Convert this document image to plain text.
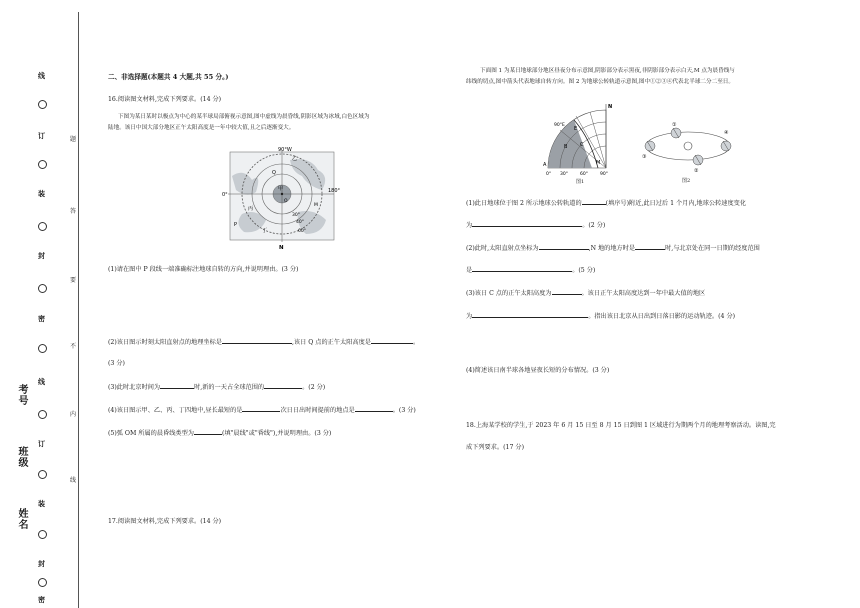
线
订
装
封
密
线
订
装
封
密
题
答
要
不
内
线
考号
班级
姓名
二、非选择题(本题共 4 大题,共 55 分。)
16.阅读图文材料,完成下列要求。(14 分)
下图为某日某时以极点为中心的某半球局部俯视示意图,图中虚线为晨昏线,阴影区域为冰域,白色区域为
陆地。该日中国大部分地区正午太阳高度是一年中较大值,且之后逐渐变大。
90°W
0°
180°
N
甲
乙
丙
丁
P
Q
30°
40°
60°
O
M
(1)请在图中 P 段线一端准确标注地球自转的方向,并说明理由。(3 分)
(2)该日图示时刻太阳直射点的地理坐标是	,该日 Q 点的正午太阳高度是	。
(3 分)
(3)此时北京时间为	时,新的一天占全球范围的	。(2 分)
(4)该日图示甲、乙、丙、丁四地中,昼长最短的是	次日日出时间提前的地点是	。(3 分)
(5)弧 OM 所属的晨昏线类型为	(填"晨线"或"昏线"),并说明理由。(3 分)
17.阅读图文材料,完成下列要求。(14 分)
下面图 1 为某日地球部分地区昼夜分布示意图,阴影部分表示黑夜,非阴影部分表示白天,M 点为晨昏线与
纬线的切点,图中箭头代表地球自转方向。图 2 为地球公转轨道示意图,图中①②③④代表北半球二分二至日。
N
90°E
A
B	C
E
M
0° 30°	60°	90°
图1
①
②
③
④
图2
(1)此日地球位于图 2 所示地球公转轨道的	(填序号)附近,此日过后 1 个月内,地球公转速度变化
为	。(2 分)
(2)此时,太阳直射点坐标为	,N 地的地方时是	时,与北京处在同一日期的经度范围
是	。(5 分)
(3)该日 C 点的正午太阳高度为	。该日正午太阳高度达到一年中最大值的地区
为	。指出该日北京从日出到日落日影的运动轨迹。(4 分)
(4)简述该日南半球各地昼夜长短的分布情况。(3 分)
18.上海某学校的学生,于 2023 年 6 月 15 日至 8 月 15 日到图 1 区域进行为期两个月的地理考察活动。读图,完
成下列要求。(17 分)
